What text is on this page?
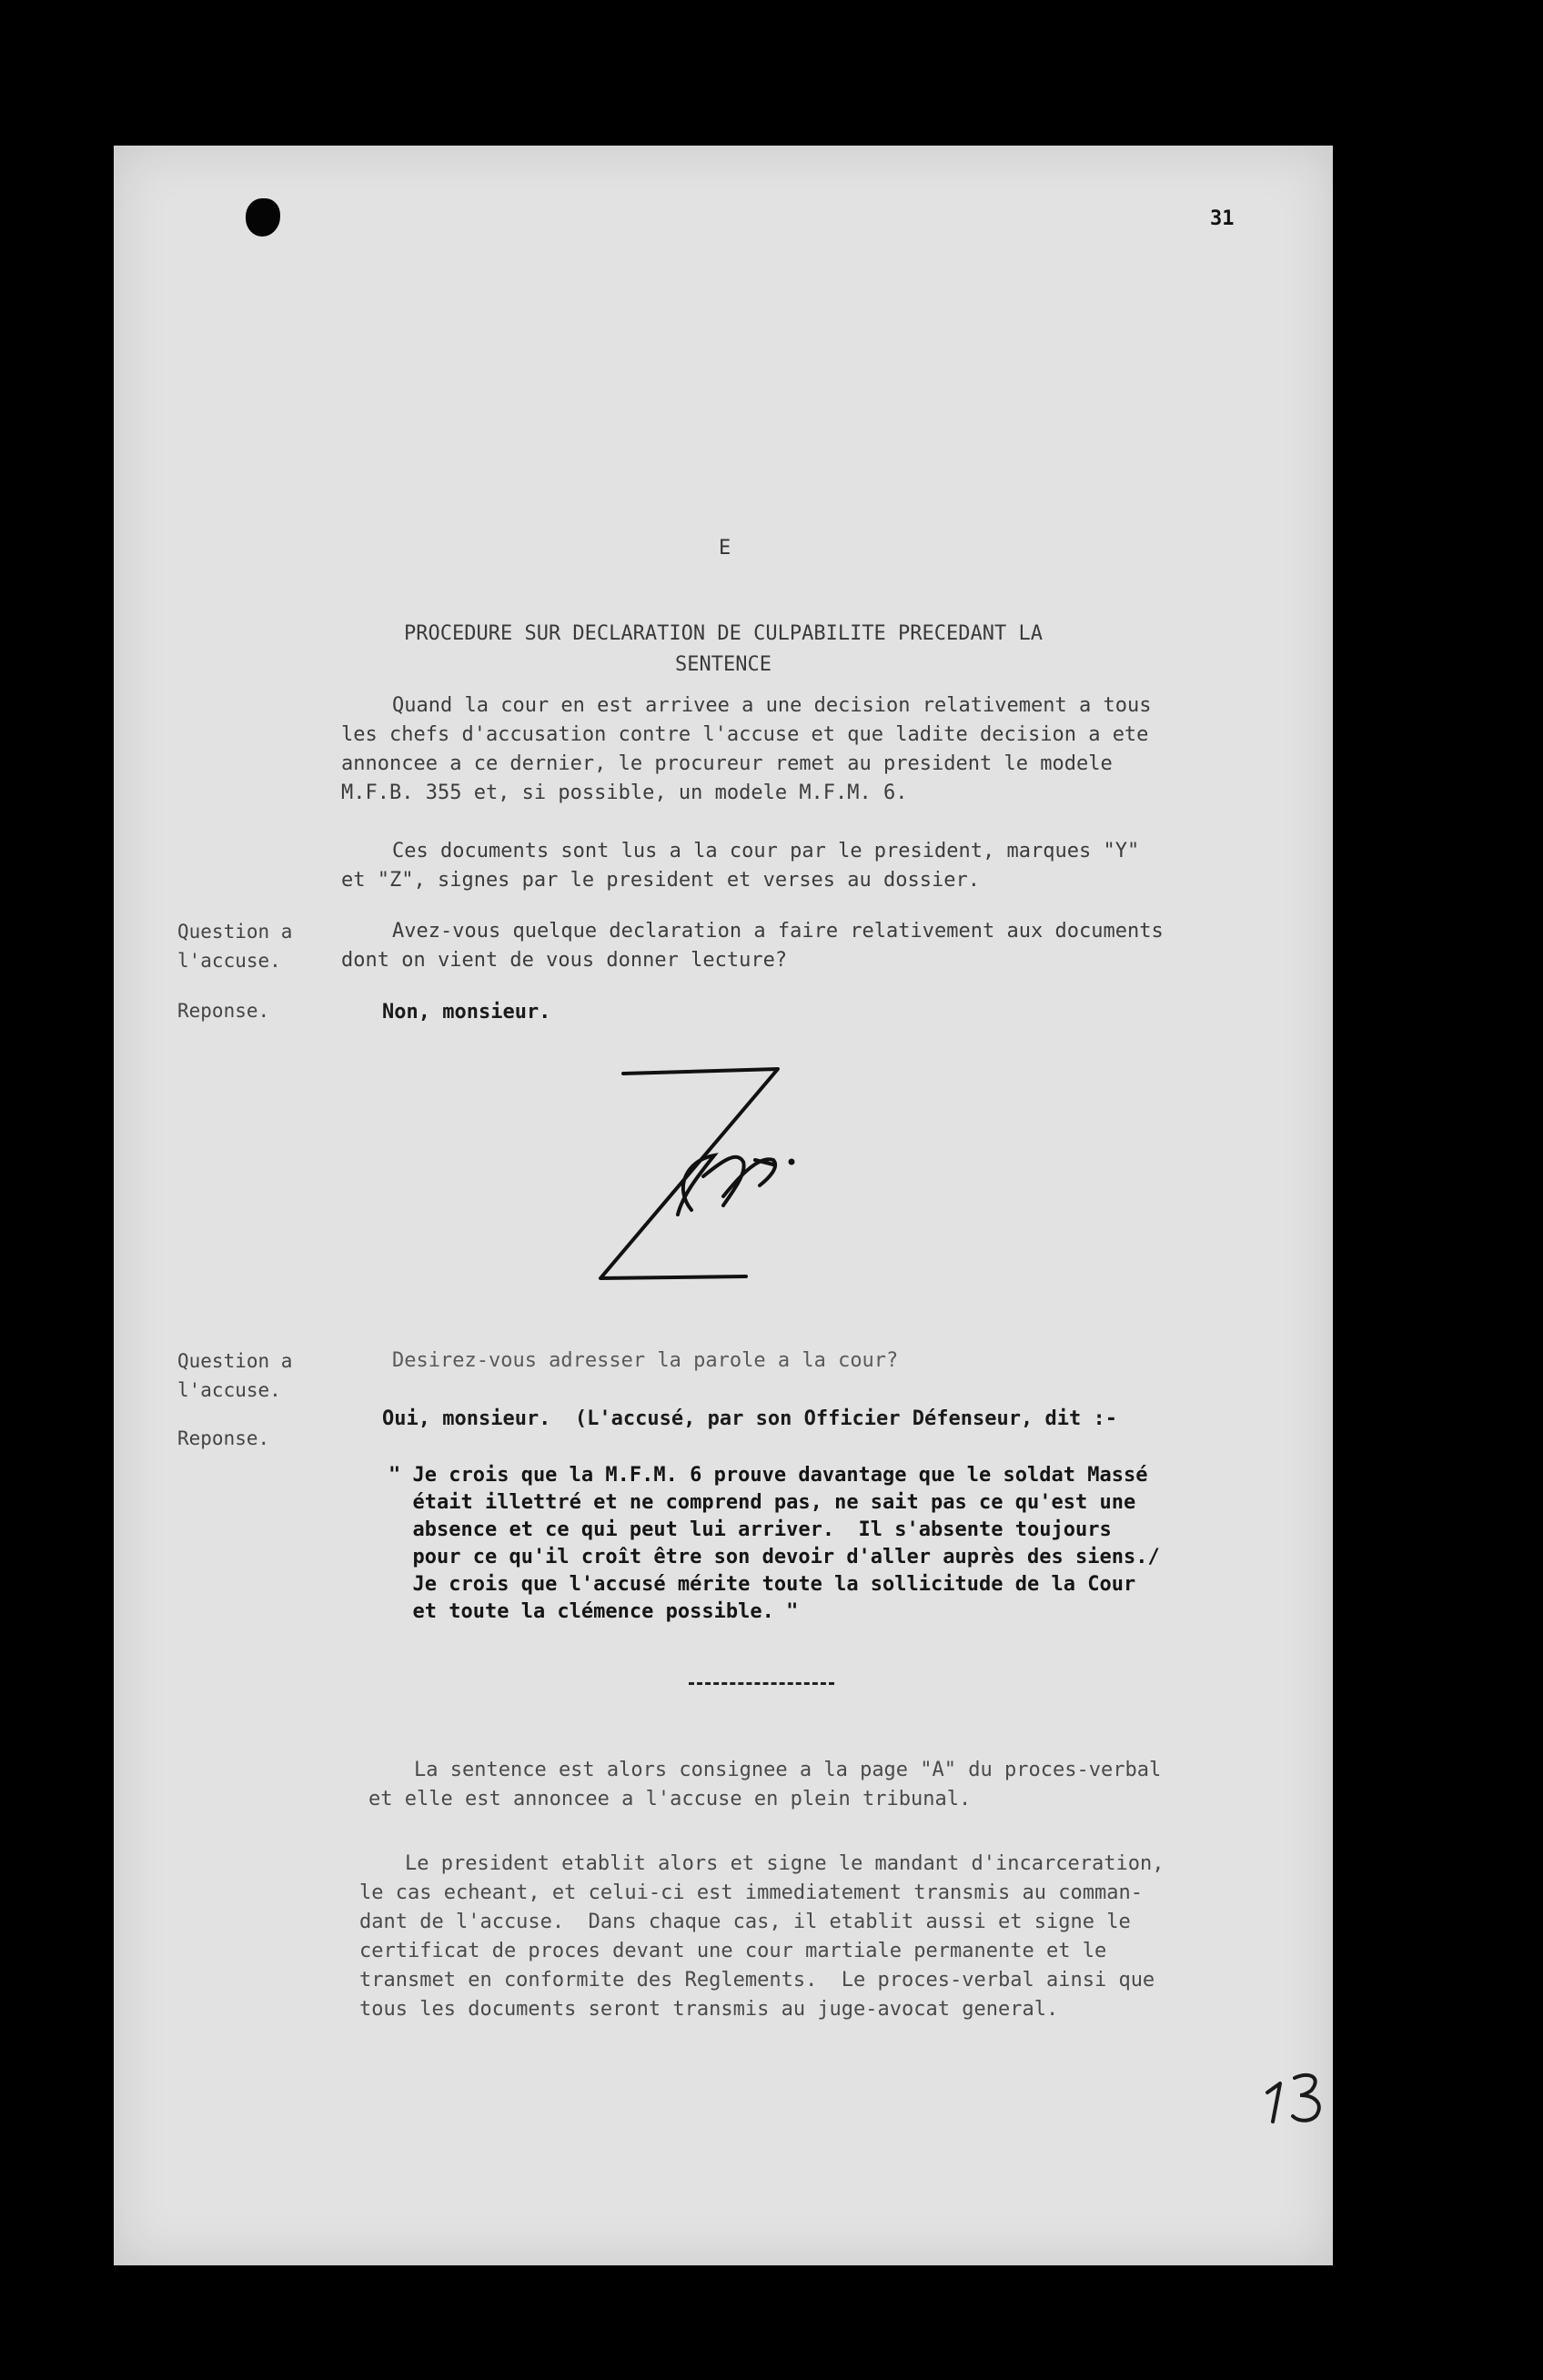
31
E
PROCEDURE SUR DECLARATION DE CULPABILITE PRECEDANT LA
SENTENCE
Quand la cour en est arrivee a une decision relativement a tous
les chefs d'accusation contre l'accuse et que ladite decision a ete
annoncee a ce dernier, le procureur remet au president le modele
M.F.B. 355 et, si possible, un modele M.F.M. 6.
Ces documents sont lus a la cour par le president, marques "Y"
et "Z", signes par le president et verses au dossier.
Question a
l'accuse.
Avez-vous quelque declaration a faire relativement aux documents
dont on vient de vous donner lecture?
Reponse.	Non, monsieur.
Question a
l'accuse.
Desirez-vous adresser la parole a la cour?
Reponse.
Oui, monsieur.  (L'accusé, par son Officier Défenseur, dit :-
" Je crois que la M.F.M. 6 prouve davantage que le soldat Massé
était illettré et ne comprend pas, ne sait pas ce qu'est une
absence et ce qui peut lui arriver.  Il s'absente toujours
pour ce qu'il croît être son devoir d'aller auprès des siens./
Je crois que l'accusé mérite toute la sollicitude de la Cour
et toute la clémence possible. "
La sentence est alors consignee a la page "A" du proces-verbal
et elle est annoncee a l'accuse en plein tribunal.
Le president etablit alors et signe le mandant d'incarceration,
le cas echeant, et celui-ci est immediatement transmis au comman-
dant de l'accuse.  Dans chaque cas, il etablit aussi et signe le
certificat de proces devant une cour martiale permanente et le
transmet en conformite des Reglements.  Le proces-verbal ainsi que
tous les documents seront transmis au juge-avocat general.
